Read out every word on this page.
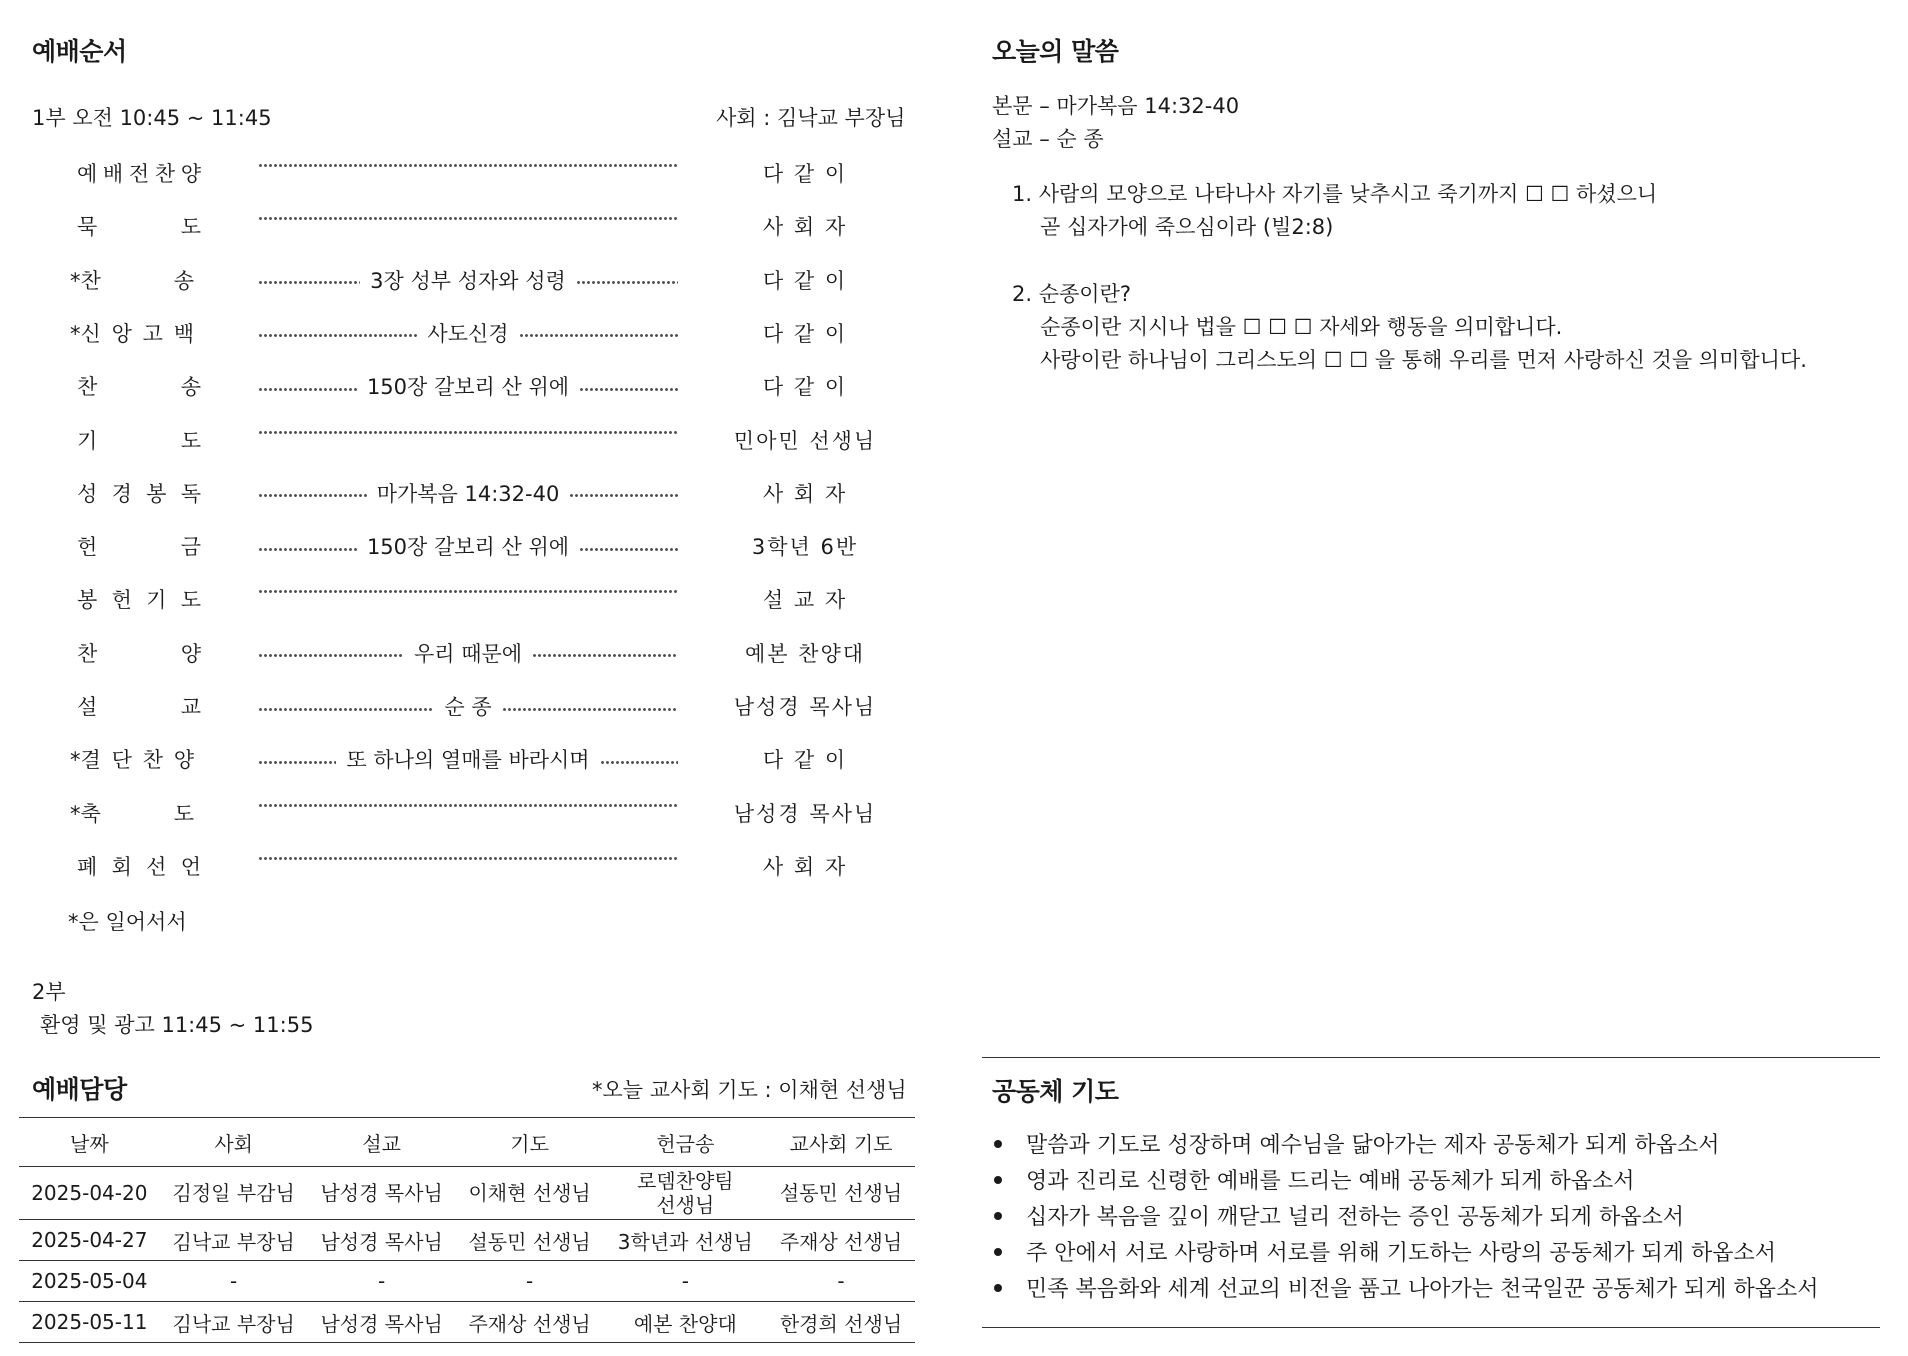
예배순서
1부 오전 10:45 ~ 11:45	사회 : 김낙교 부장님
예 배 전 찬 양	다 같 이
묵	도	사 회 자
*찬	송	3장 성부 성자와 성령	다 같 이
*신 앙 고 백	사도신경	다 같 이
찬	송	150장 갈보리 산 위에	다 같 이
기	도	민아민 선생님
성 경 봉 독	마가복음 14:32-40	사 회 자
헌	금	150장 갈보리 산 위에	3학년 6반
봉 헌 기 도	설 교 자
찬	양	우리 때문에	예본 찬양대
설	교	순 종	남성경 목사님
*결 단 찬 양	또 하나의 열매를 바라시며	다 같 이
*축	도	남성경 목사님
폐 회 선 언	사 회 자
*은 일어서서
2부
환영 및 광고 11:45 ~ 11:55
예배담당	*오늘 교사회 기도 : 이채현 선생님
날짜	사회	설교	기도	헌금송	교사회 기도
2025-04-20	김정일 부감님	남성경 목사님	이채현 선생님	로뎀찬양팀
선생님	설동민 선생님
2025-04-27	김낙교 부장님	남성경 목사님	설동민 선생님	3학년과 선생님	주재상 선생님
2025-05-04	-	-	-	-	-
2025-05-11	김낙교 부장님	남성경 목사님	주재상 선생님	예본 찬양대	한경희 선생님
오늘의 말씀
본문 – 마가복음 14:32-40
설교 – 순 종
1. 사람의 모양으로 나타나사 자기를 낮추시고 죽기까지 ☐ ☐ 하셨으니
곧 십자가에 죽으심이라 (빌2:8)
2. 순종이란?
순종이란 지시나 법을 ☐ ☐ ☐ 자세와 행동을 의미합니다.
사랑이란 하나님이 그리스도의 ☐ ☐ 을 통해 우리를 먼저 사랑하신 것을 의미합니다.
공동체 기도
말씀과 기도로 성장하며 예수님을 닮아가는 제자 공동체가 되게 하옵소서
영과 진리로 신령한 예배를 드리는 예배 공동체가 되게 하옵소서
십자가 복음을 깊이 깨닫고 널리 전하는 증인 공동체가 되게 하옵소서
주 안에서 서로 사랑하며 서로를 위해 기도하는 사랑의 공동체가 되게 하옵소서
민족 복음화와 세계 선교의 비전을 품고 나아가는 천국일꾼 공동체가 되게 하옵소서
